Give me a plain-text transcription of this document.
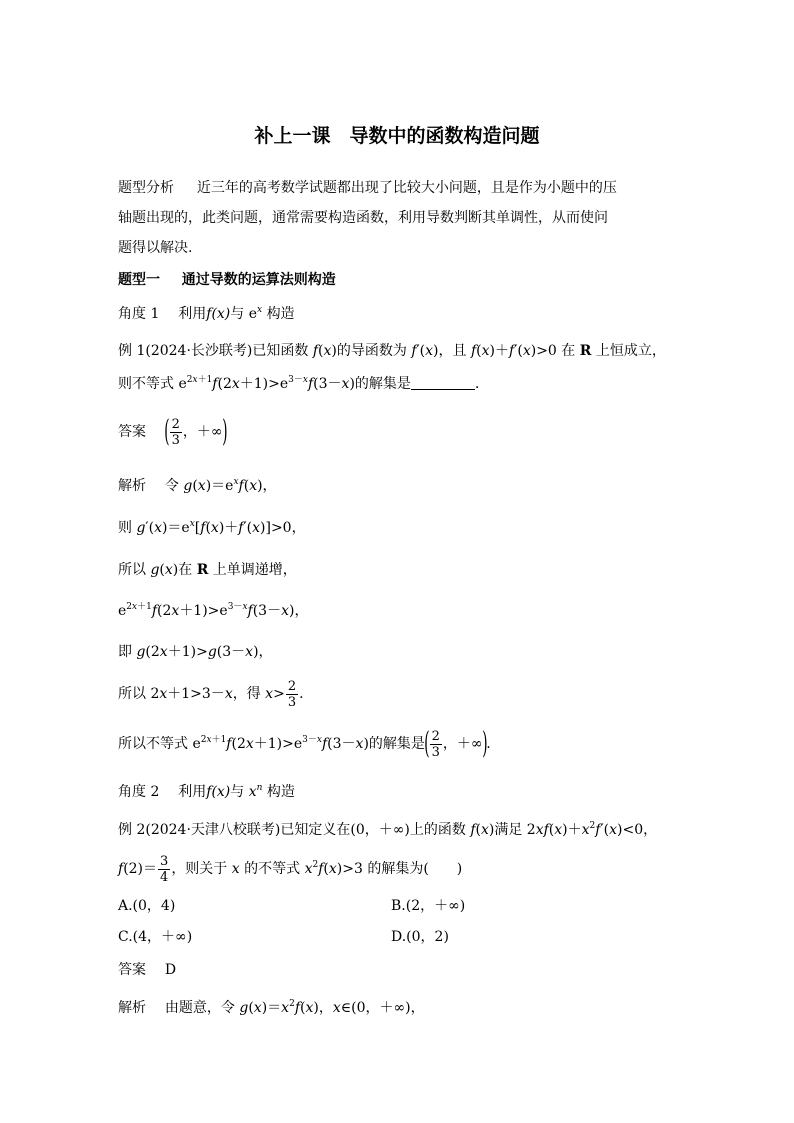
补上一课　导数中的函数构造问题
题型分析 近三年的高考数学试题都出现了比较大小问题，且是作为小题中的压
轴题出现的，此类问题，通常需要构造函数，利用导数判断其单调性，从而使问
题得以解决.
题型一 通过导数的运算法则构造
角度 1 利用f(x)与 $e^x$ 构造
例 1(2024·长沙联考)已知函数 f(x)的导函数为 f′(x)，且 f(x)＋f′(x)>0 在 R 上恒成立，
则不等式 $e^{2x+1}f(2x+1)>e^{3-x}f(3-x)$的解集是	.
答案 ( $\frac{2}{3}$ ，＋∞)
解析  令 $g(x)=e^xf(x)$，
则 $g'(x)=e^x[f(x)+f'(x)]>0$，
所以 g(x)在 R 上单调递增，
$e^{2x+1}f(2x+1)>e^{3-x}f(3-x)$，
即 g(2x＋1)>g(3－x)，
所以 2x＋1>3－x，得 $x> \frac{2}{3}$ .
所以不等式 $e^{2x+1}f(2x+1)>e^{3-x}f(3-x)$的解集是( $\frac{2}{3}$ ，＋∞).
角度 2 利用f(x)与 $x^n$ 构造
例 2(2024·天津八校联考)已知定义在(0，＋∞)上的函数 f(x)满足 $2xf(x)+x^2f'(x)<0$，
$f(2)= \frac{3}{4}$ ，则关于 x 的不等式 $x^2f(x)>3$ 的解集为(　　)
A.(0，4)	B.(2，＋∞)
C.(4，＋∞)	D.(0，2)
答案 D
解析  由题意，令 $g(x)=x^2f(x)$，x∈(0，＋∞)，
